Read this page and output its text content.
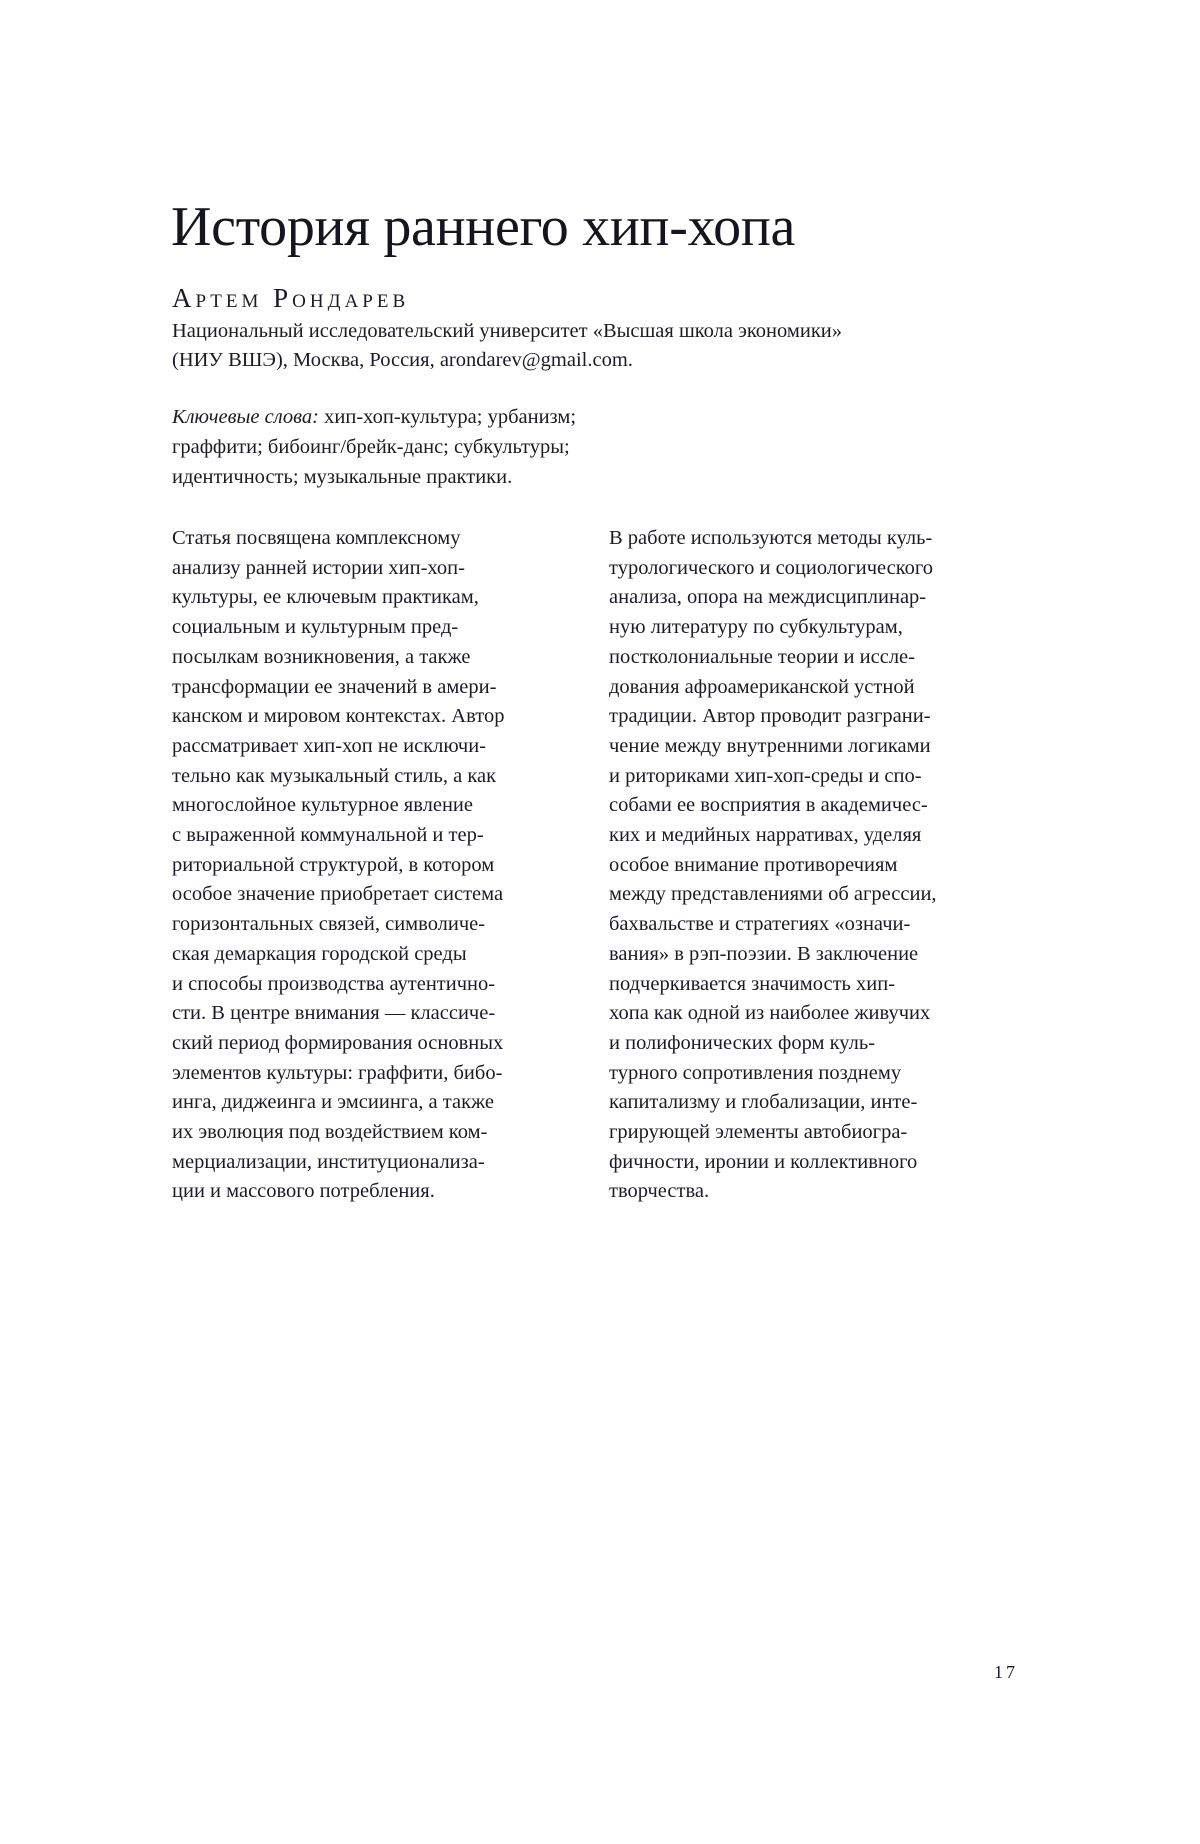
История раннего хип-хопа
Артем Рондарев
Национальный исследовательский университет «Высшая школа экономики»
(НИУ ВШЭ), Москва, Россия, arondarev@gmail.com.
Ключевые слова: хип-хоп-культура; урбанизм;
граффити; бибоинг/брейк-данс; субкультуры;
идентичность; музыкальные практики.
Статья посвящена комплексному
анализу ранней истории хип-хоп-
культуры, ее ключевым практикам,
социальным и культурным пред-
посылкам возникновения, а также
трансформации ее значений в амери-
канском и мировом контекстах. Автор
рассматривает хип-хоп не исключи-
тельно как музыкальный стиль, а как
многослойное культурное явление
с выраженной коммунальной и тер-
риториальной структурой, в котором
особое значение приобретает система
горизонтальных связей, символиче-
ская демаркация городской среды
и способы производства аутентично-
сти. В центре внимания — классиче-
ский период формирования основных
элементов культуры: граффити, бибо-
инга, диджеинга и эмсиинга, а также
их эволюция под воздействием ком-
мерциализации, институционализа-
ции и массового потребления.
В работе используются методы куль-
турологического и социологического
анализа, опора на междисциплинар-
ную литературу по субкультурам,
постколониальные теории и иссле-
дования афроамериканской устной
традиции. Автор проводит разграни-
чение между внутренними логиками
и риториками хип-хоп-среды и спо-
собами ее восприятия в академичес-
ких и медийных нарративах, уделяя
особое внимание противоречиям
между представлениями об агрессии,
бахвальстве и стратегиях «означи-
вания» в рэп-поэзии. В заключение
подчеркивается значимость хип-
хопа как одной из наиболее живучих
и полифонических форм куль-
турного сопротивления позднему
капитализму и глобализации, инте-
грирующей элементы автобиогра-
фичности, иронии и коллективного
творчества.
17
